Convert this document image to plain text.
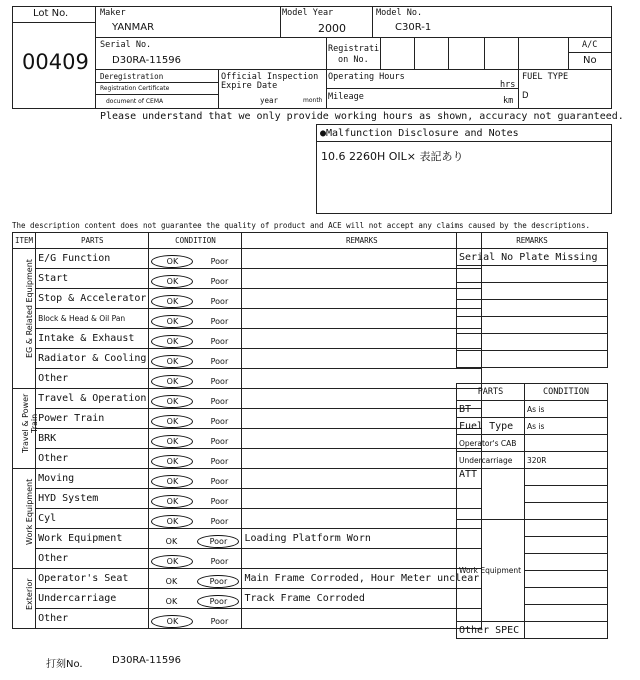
Lot No.
00409
Maker
YANMAR
Model Year
2000
Model No.
C30R-1
Serial No.
D30RA-11596
Registrati
on No.
A/C
No
Deregistration
Registration Certificate
document of CEMA
Official Inspection
Expire Date
year	month
Operating Hours
hrs
Mileage	km
FUEL TYPE
D
Please understand that we only provide working hours as shown, accuracy not guaranteed.
●Malfunction Disclosure and Notes
10.6 2260H OIL× 表記あり
The description content does not guarantee the quality of product and ACE will not accept any claims caused by the descriptions.
ITEM	PARTS	CONDITION	REMARKS

EG & Related Equipment	E/G Function	OK Poor	
	Start	OK Poor	
	Stop & Accelerator	OK Poor	
	Block & Head & Oil Pan	OK Poor	
	Intake & Exhaust	OK Poor	
	Radiator & Cooling	OK Poor	
	Other	OK Poor	

Travel & Power Train	Travel & Operation	OK Poor	
	Power Train	OK Poor	
	BRK	OK Poor	
	Other	OK Poor	

Work Equipment	Moving	OK Poor	
	HYD System	OK Poor	
	Cyl	OK Poor	
	Work Equipment	OK Poor	Loading Platform Worn
	Other	OK Poor	

Exterior	Operator's Seat	OK Poor	Main Frame Corroded, Hour Meter unclear
	Undercarriage	OK Poor	Track Frame Corroded
	Other	OK Poor	
REMARKS
Serial No Plate Missing

PARTS	CONDITION
BT	As is
Fuel Type	As is
Operator's CAB	
Undercarriage	320R
ATT	

Work Equipment	

Other SPEC	
打刻No.	D30RA-11596
